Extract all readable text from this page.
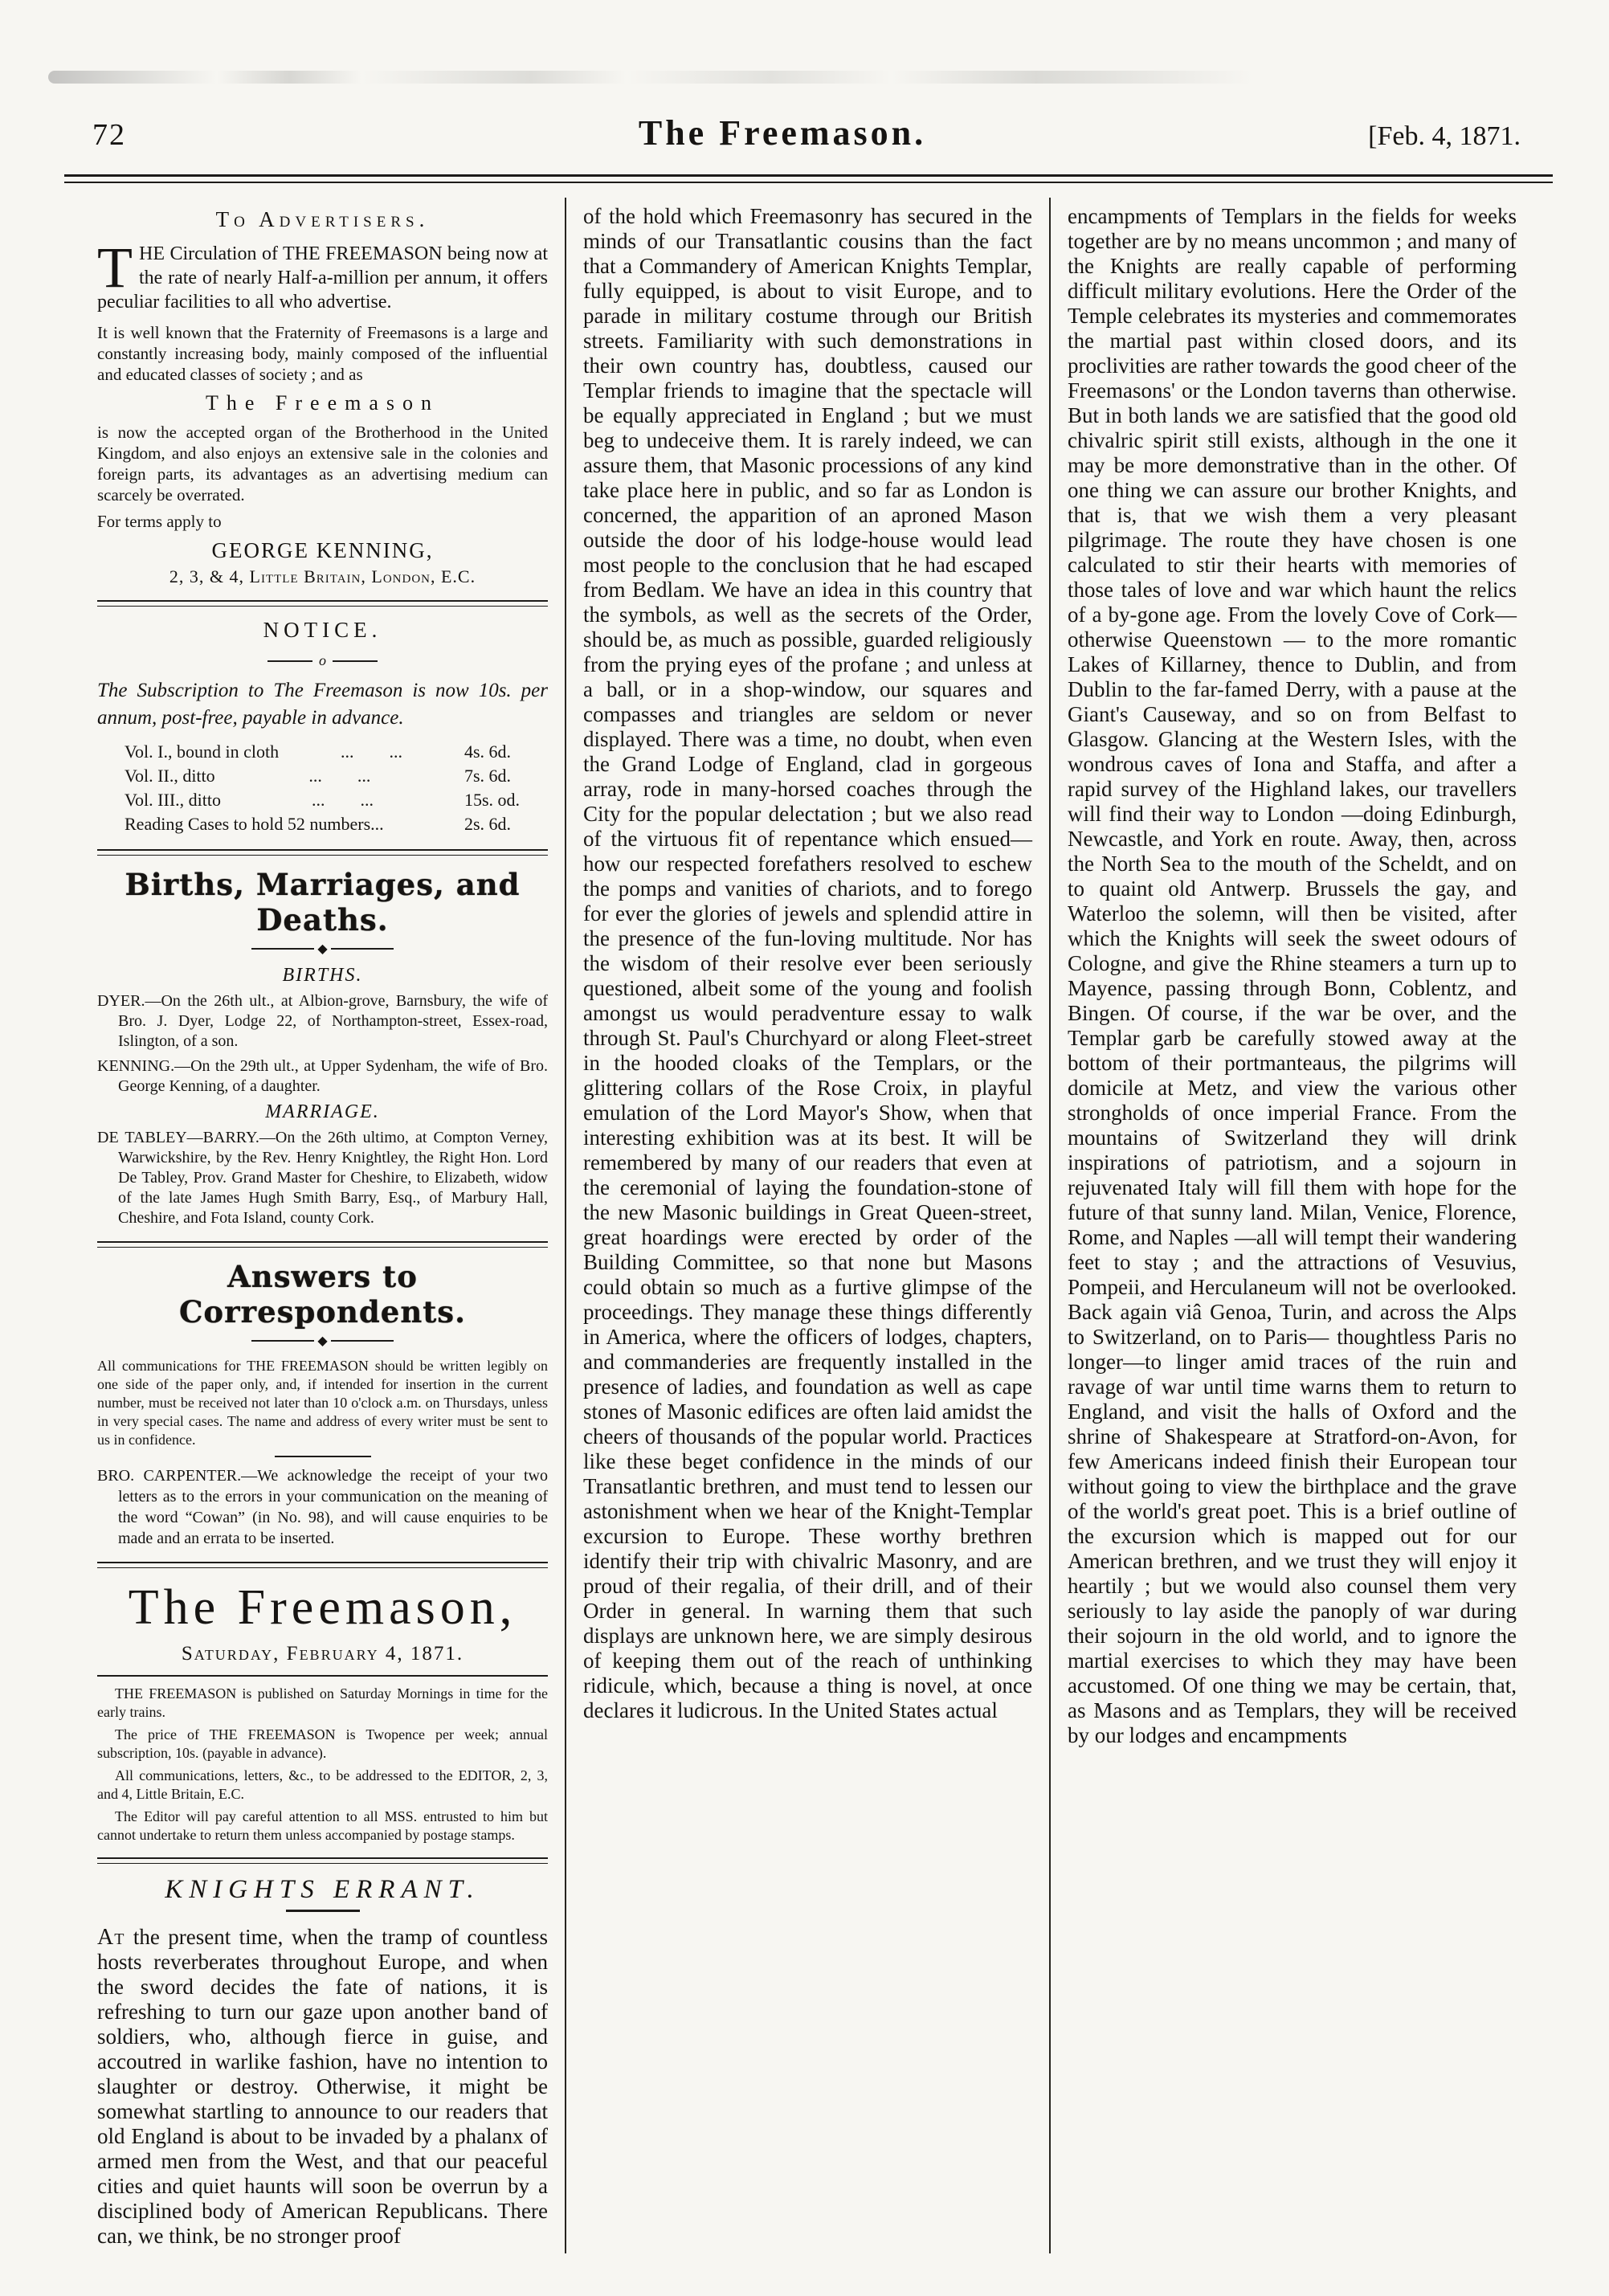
72	The Freemason.	[Feb. 4, 1871.
To Advertisers.

THE Circulation of THE FREEMASON being now at the rate of nearly Half-a-million per annum, it offers peculiar facilities to all who advertise.

It is well known that the Fraternity of Freemasons is a large and constantly increasing body, mainly composed of the influential and educated classes of society ; and as

The Freemason

is now the accepted organ of the Brotherhood in the United Kingdom, and also enjoys an extensive sale in the colonies and foreign parts, its advantages as an advertising medium can scarcely be overrated.

For terms apply to
GEORGE KENNING,
2, 3, & 4, Little Britain, London, E.C.
NOTICE.
o

The Subscription to The Freemason is now 10s. per annum, post-free, payable in advance.

Vol. I., bound in cloth	...  ...	4s. 6d.
Vol. II., ditto	...  ...	7s. 6d.
Vol. III., ditto	...  ...	15s. od.
Reading Cases to hold 52 numbers...	2s. 6d.
Births, Marriages, and Deaths.
◆
BIRTHS.

DYER.—On the 26th ult., at Albion-grove, Barnsbury, the wife of Bro. J. Dyer, Lodge 22, of Northampton-street, Essex-road, Islington, of a son.

KENNING.—On the 29th ult., at Upper Sydenham, the wife of Bro. George Kenning, of a daughter.

MARRIAGE.

DE TABLEY—BARRY.—On the 26th ultimo, at Compton Verney, Warwickshire, by the Rev. Henry Knightley, the Right Hon. Lord De Tabley, Prov. Grand Master for Cheshire, to Elizabeth, widow of the late James Hugh Smith Barry, Esq., of Marbury Hall, Cheshire, and Fota Island, county Cork.

Answers to Correspondents.
◆

All communications for THE FREEMASON should be written legibly on one side of the paper only, and, if intended for insertion in the current number, must be received not later than 10 o'clock a.m. on Thursdays, unless in very special cases. The name and address of every writer must be sent to us in confidence.

BRO. CARPENTER.—We acknowledge the receipt of your two letters as to the errors in your communication on the meaning of the word “Cowan” (in No. 98), and will cause enquiries to be made and an errata to be inserted.

The Freemason,
Saturday, February 4, 1871.

THE FREEMASON is published on Saturday Mornings in time for the early trains.

The price of THE FREEMASON is Twopence per week; annual subscription, 10s. (payable in advance).

All communications, letters, &c., to be addressed to the EDITOR, 2, 3, and 4, Little Britain, E.C.

The Editor will pay careful attention to all MSS. entrusted to him but cannot undertake to return them unless accompanied by postage stamps.

KNIGHTS ERRANT.

At the present time, when the tramp of countless hosts reverberates throughout Europe, and when the sword decides the fate of nations, it is refreshing to turn our gaze upon another band of soldiers, who, although fierce in guise, and accoutred in warlike fashion, have no intention to slaughter or destroy. Otherwise, it might be somewhat startling to announce to our readers that old England is about to be invaded by a phalanx of armed men from the West, and that our peaceful cities and quiet haunts will soon be overrun by a disciplined body of American Republicans. There can, we think, be no stronger proof

of the hold which Freemasonry has secured in the minds of our Transatlantic cousins than the fact that a Commandery of American Knights Templar, fully equipped, is about to visit Europe, and to parade in military costume through our British streets. Familiarity with such demonstrations in their own country has, doubtless, caused our Templar friends to imagine that the spectacle will be equally appreciated in England ; but we must beg to undeceive them. It is rarely indeed, we can assure them, that Masonic processions of any kind take place here in public, and so far as London is concerned, the apparition of an aproned Mason outside the door of his lodge-house would lead most people to the conclusion that he had escaped from Bedlam. We have an idea in this country that the symbols, as well as the secrets of the Order, should be, as much as possible, guarded religiously from the prying eyes of the profane ; and unless at a ball, or in a shop-window, our squares and compasses and triangles are seldom or never displayed. There was a time, no doubt, when even the Grand Lodge of England, clad in gorgeous array, rode in many-horsed coaches through the City for the popular delectation ; but we also read of the virtuous fit of repentance which ensued— how our respected forefathers resolved to eschew the pomps and vanities of chariots, and to forego for ever the glories of jewels and splendid attire in the presence of the fun-loving multitude. Nor has the wisdom of their resolve ever been seriously questioned, albeit some of the young and foolish amongst us would peradventure essay to walk through St. Paul's Churchyard or along Fleet-street in the hooded cloaks of the Templars, or the glittering collars of the Rose Croix, in playful emulation of the Lord Mayor's Show, when that interesting exhibition was at its best. It will be remembered by many of our readers that even at the ceremonial of laying the foundation-stone of the new Masonic buildings in Great Queen-street, great hoardings were erected by order of the Building Committee, so that none but Masons could obtain so much as a furtive glimpse of the proceedings. They manage these things differently in America, where the officers of lodges, chapters, and commanderies are frequently installed in the presence of ladies, and foundation as well as cape stones of Masonic edifices are often laid amidst the cheers of thousands of the popular world. Practices like these beget confidence in the minds of our Transatlantic brethren, and must tend to lessen our astonishment when we hear of the Knight-Templar excursion to Europe. These worthy brethren identify their trip with chivalric Masonry, and are proud of their regalia, of their drill, and of their Order in general. In warning them that such displays are unknown here, we are simply desirous of keeping them out of the reach of unthinking ridicule, which, because a thing is novel, at once declares it ludicrous. In the United States actual

encampments of Templars in the fields for weeks together are by no means uncommon ; and many of the Knights are really capable of performing difficult military evolutions. Here the Order of the Temple celebrates its mysteries and commemorates the martial past within closed doors, and its proclivities are rather towards the good cheer of the Freemasons' or the London taverns than otherwise. But in both lands we are satisfied that the good old chivalric spirit still exists, although in the one it may be more demonstrative than in the other. Of one thing we can assure our brother Knights, and that is, that we wish them a very pleasant pilgrimage. The route they have chosen is one calculated to stir their hearts with memories of those tales of love and war which haunt the relics of a by-gone age. From the lovely Cove of Cork—otherwise Queenstown — to the more romantic Lakes of Killarney, thence to Dublin, and from Dublin to the far-famed Derry, with a pause at the Giant's Causeway, and so on from Belfast to Glasgow. Glancing at the Western Isles, with the wondrous caves of Iona and Staffa, and after a rapid survey of the Highland lakes, our travellers will find their way to London —doing Edinburgh, Newcastle, and York en route. Away, then, across the North Sea to the mouth of the Scheldt, and on to quaint old Antwerp. Brussels the gay, and Waterloo the solemn, will then be visited, after which the Knights will seek the sweet odours of Cologne, and give the Rhine steamers a turn up to Mayence, passing through Bonn, Coblentz, and Bingen. Of course, if the war be over, and the Templar garb be carefully stowed away at the bottom of their portmanteaus, the pilgrims will domicile at Metz, and view the various other strongholds of once imperial France. From the mountains of Switzerland they will drink inspirations of patriotism, and a sojourn in rejuvenated Italy will fill them with hope for the future of that sunny land. Milan, Venice, Florence, Rome, and Naples —all will tempt their wandering feet to stay ; and the attractions of Vesuvius, Pompeii, and Herculaneum will not be overlooked. Back again viâ Genoa, Turin, and across the Alps to Switzerland, on to Paris— thoughtless Paris no longer—to linger amid traces of the ruin and ravage of war until time warns them to return to England, and visit the halls of Oxford and the shrine of Shakespeare at Stratford-on-Avon, for few Americans indeed finish their European tour without going to view the birthplace and the grave of the world's great poet. This is a brief outline of the excursion which is mapped out for our American brethren, and we trust they will enjoy it heartily ; but we would also counsel them very seriously to lay aside the panoply of war during their sojourn in the old world, and to ignore the martial exercises to which they may have been accustomed. Of one thing we may be certain, that, as Masons and as Templars, they will be received by our lodges and encampments
